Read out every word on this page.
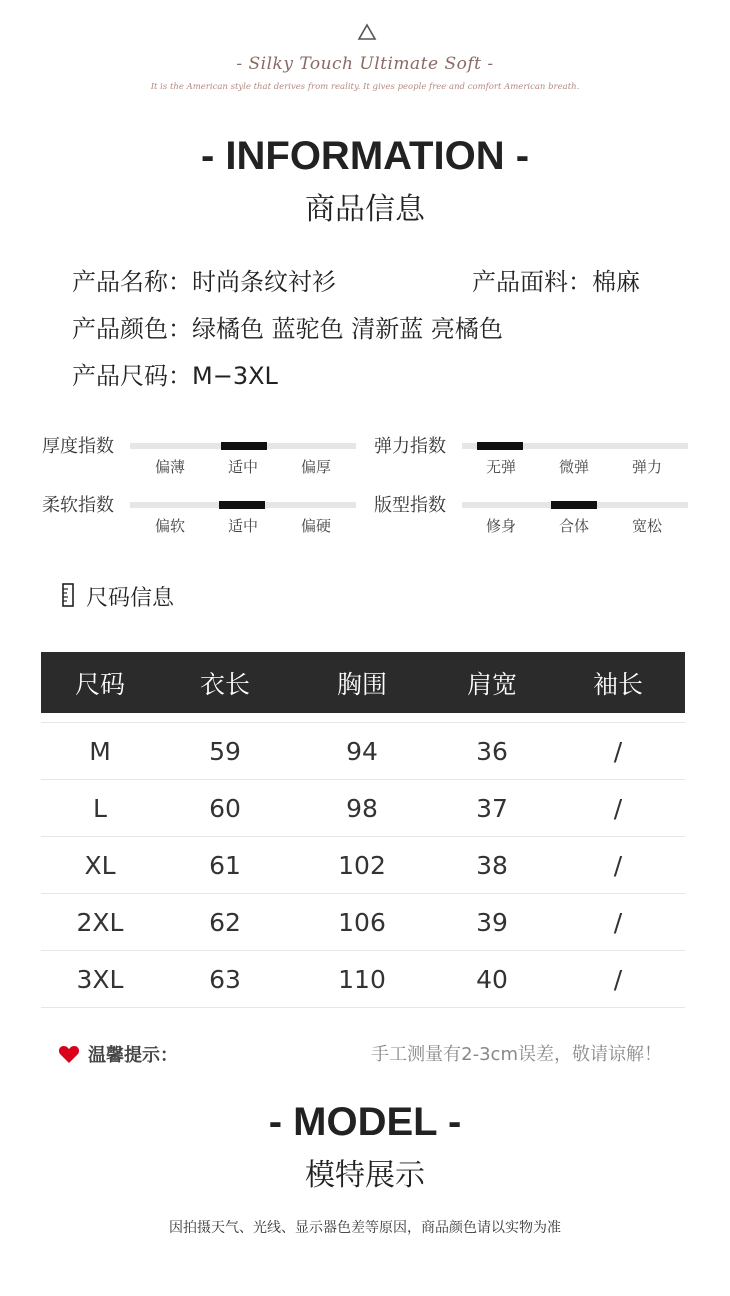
- Silky Touch Ultimate Soft -
It is the American style that derives from reality. It gives people free and comfort American breath.
- INFORMATION -
商品信息
产品名称：时尚条纹衬衫	产品面料：棉麻
产品颜色：绿橘色 蓝驼色 清新蓝 亮橘色
产品尺码：M−3XL
厚度指数
偏薄	适中	偏厚
弹力指数
无弹	微弹	弹力
柔软指数
偏软	适中	偏硬
版型指数
修身	合体	宽松
尺码信息
尺码	衣长	胸围	肩宽	袖长

M	59	94	36	/
L	60	98	37	/
XL	61	102	38	/
2XL	62	106	39	/
3XL	63	110	40	/
温馨提示：	手工测量有2-3cm误差，敬请谅解！
- MODEL -
模特展示
因拍摄天气、光线、显示器色差等原因，商品颜色请以实物为准
